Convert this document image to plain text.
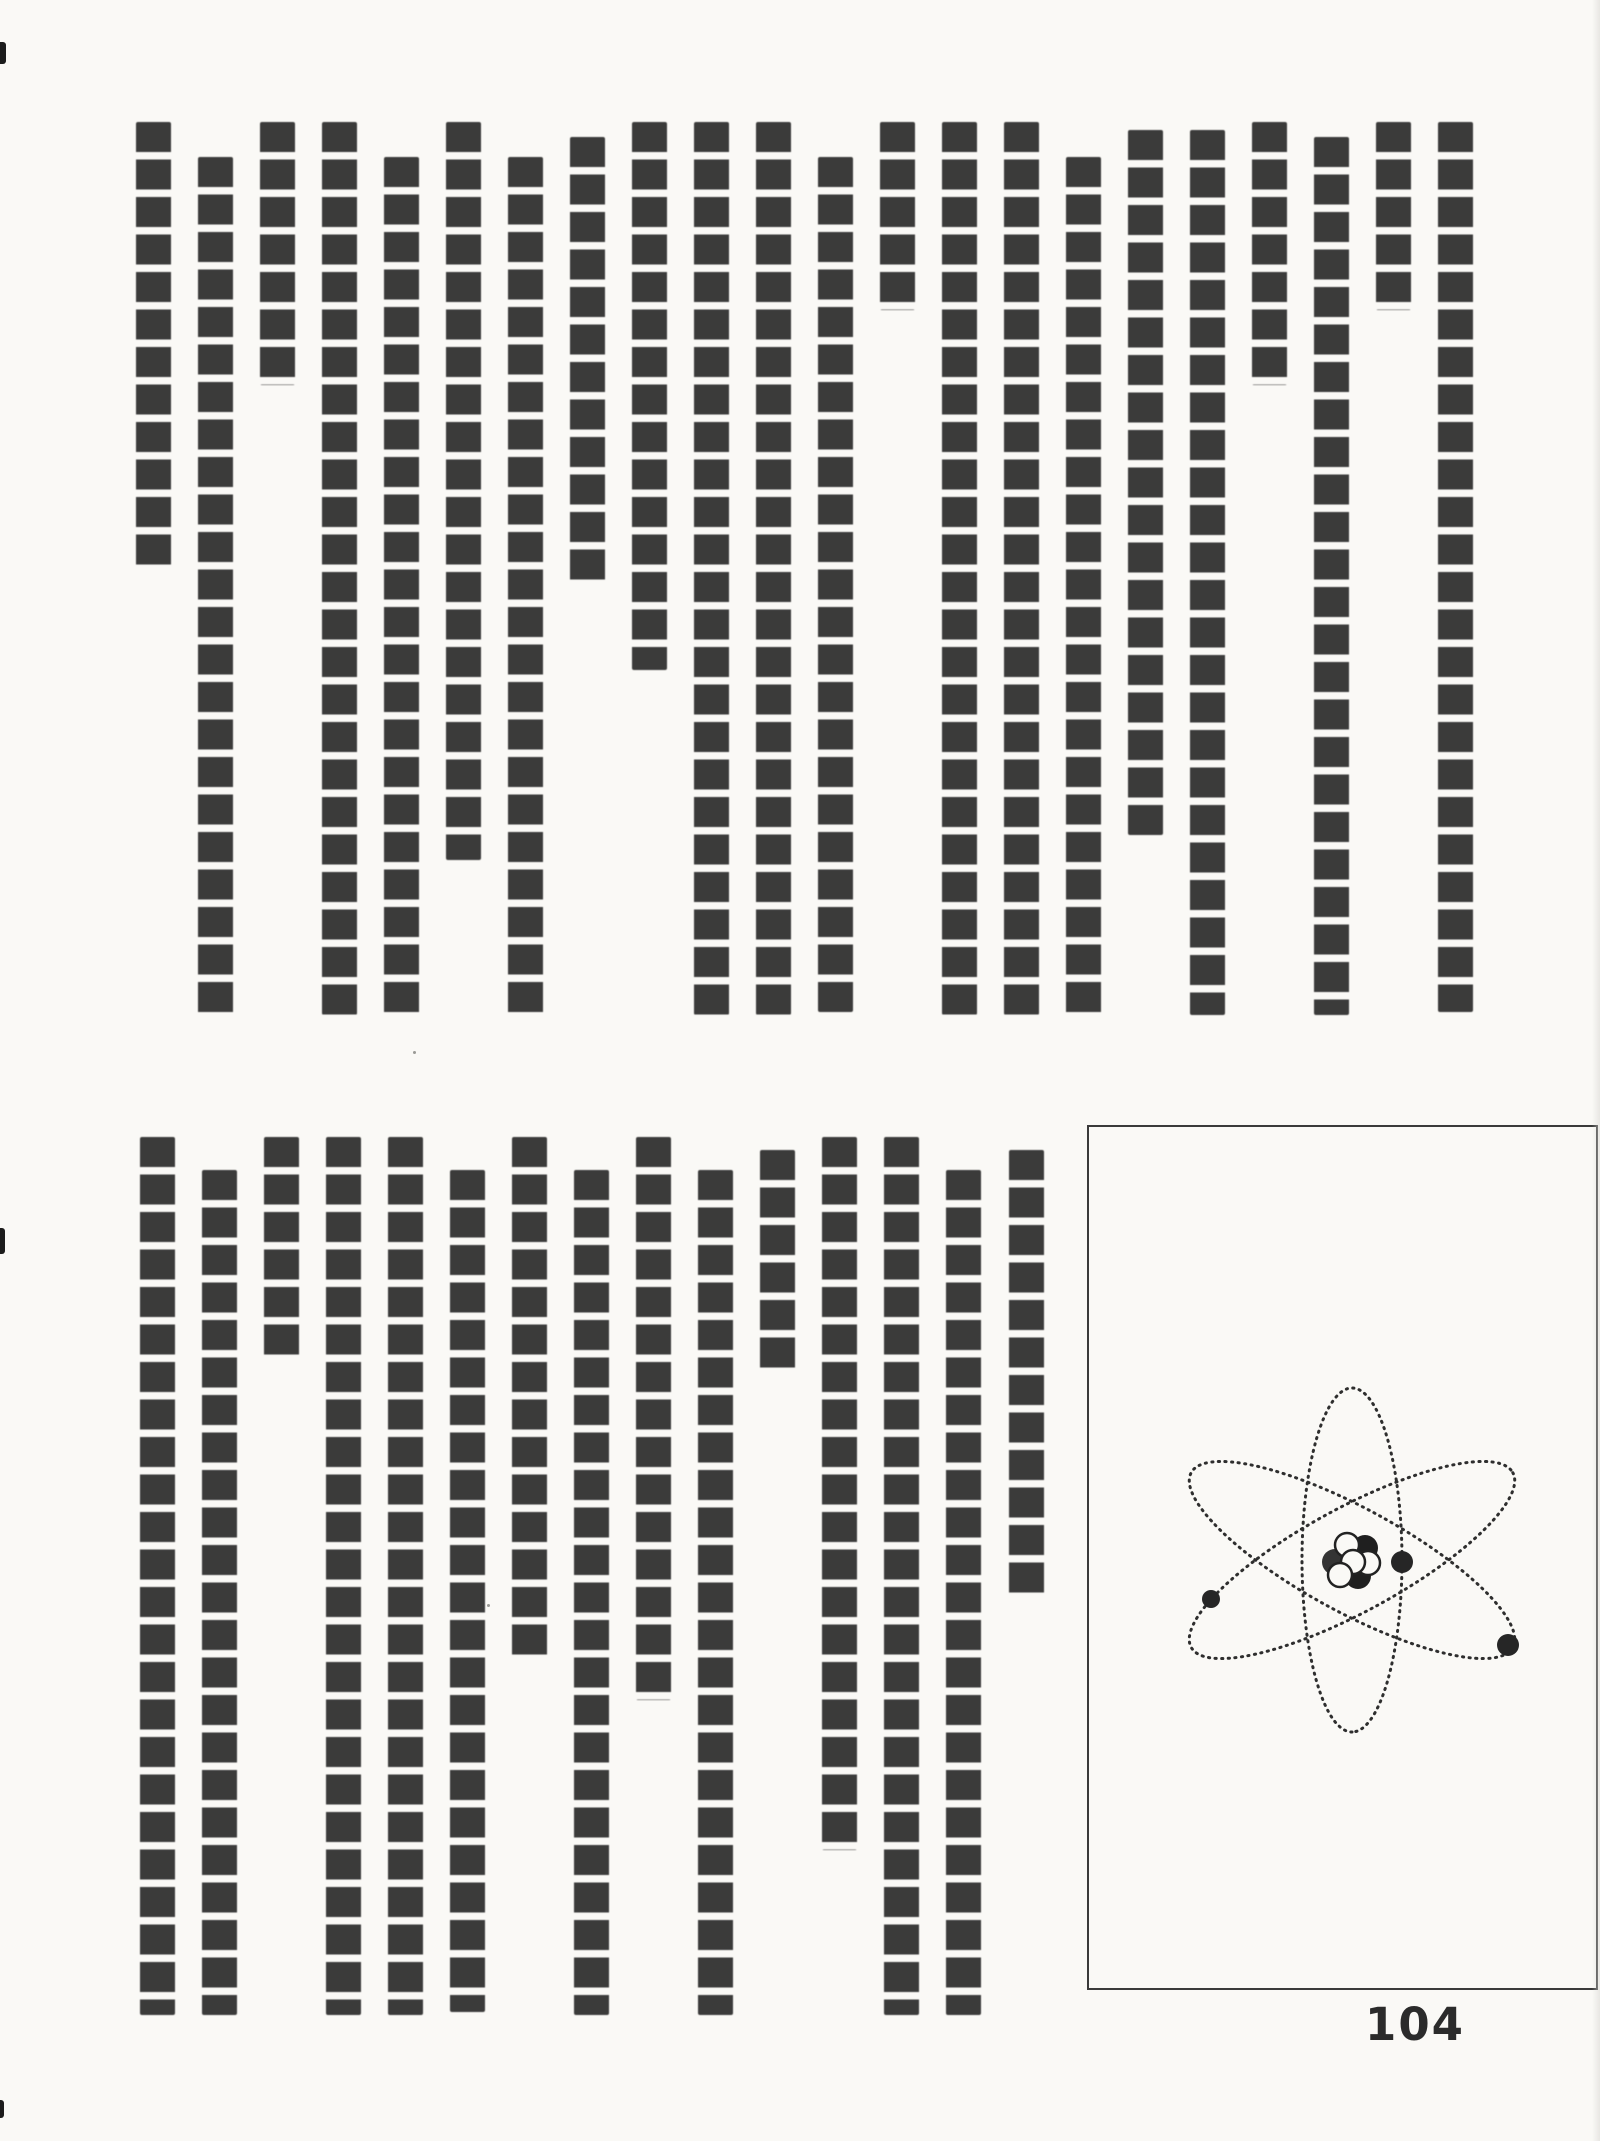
104
